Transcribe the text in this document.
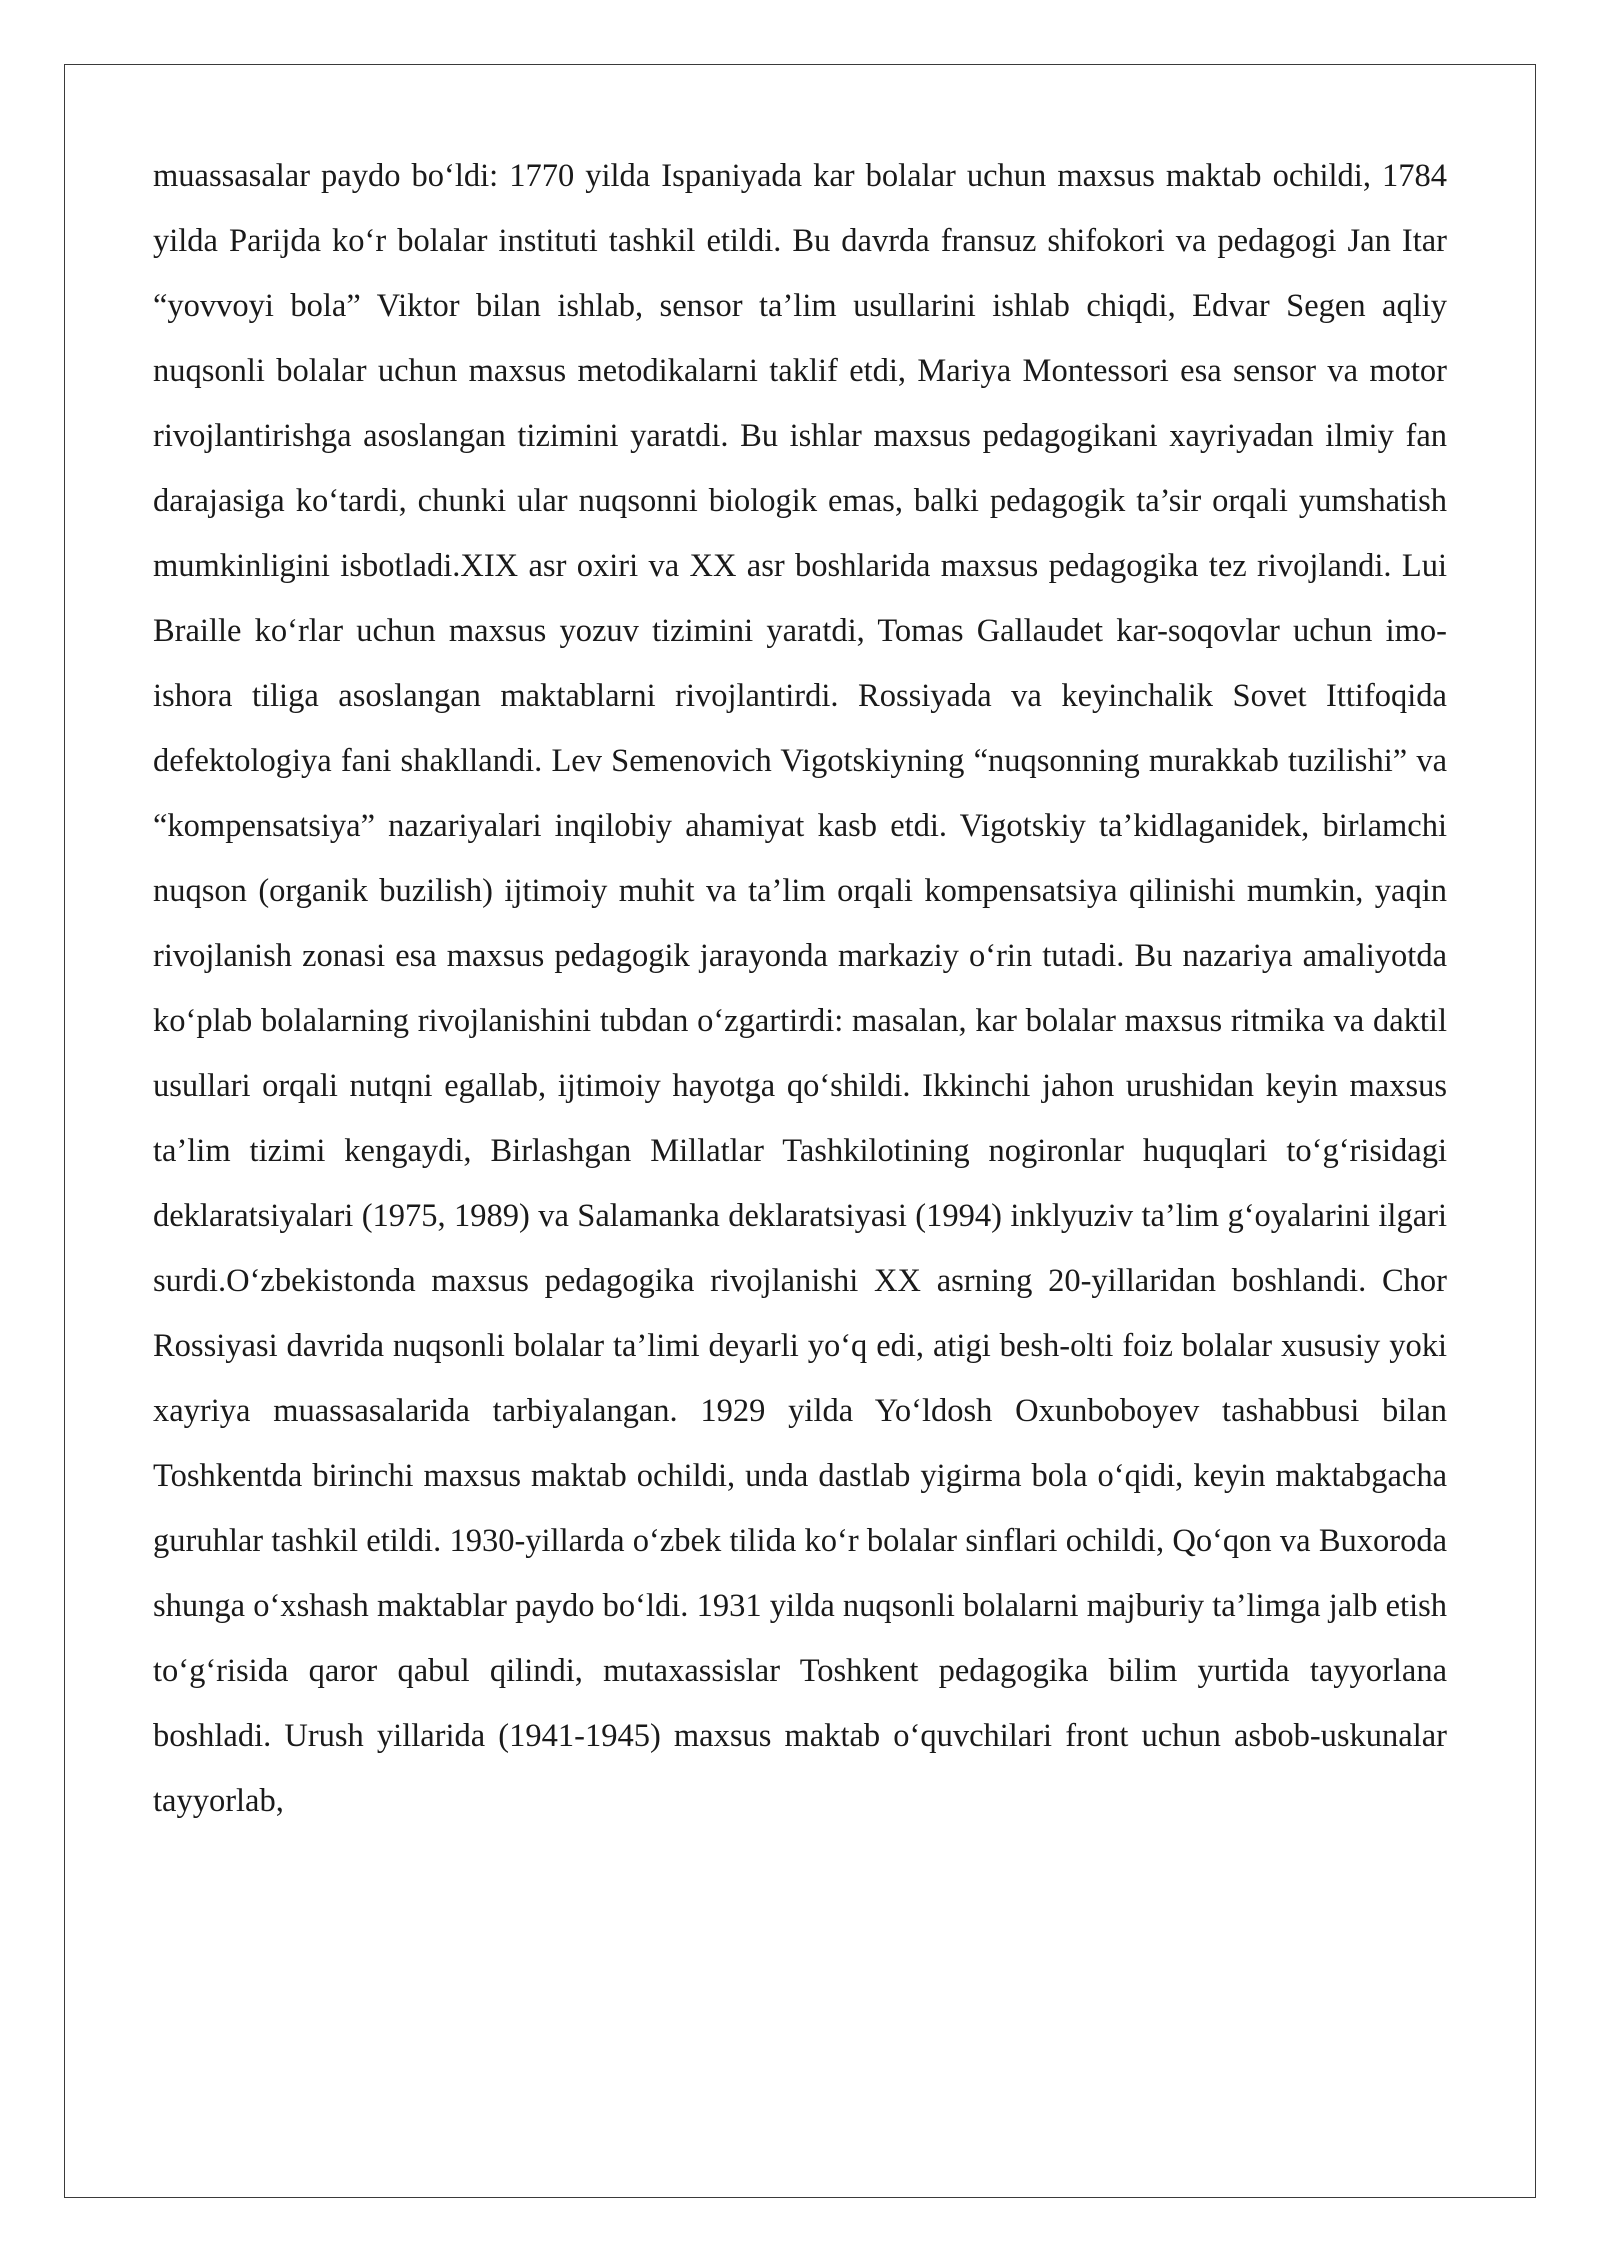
muassasalar paydo bo‘ldi: 1770 yilda Ispaniyada kar bolalar uchun maxsus maktab ochildi, 1784 yilda Parijda ko‘r bolalar instituti tashkil etildi. Bu davrda fransuz shifokori va pedagogi Jan Itar “yovvoyi bola” Viktor bilan ishlab, sensor ta’lim usullarini ishlab chiqdi, Edvar Segen aqliy nuqsonli bolalar uchun maxsus metodikalarni taklif etdi, Mariya Montessori esa sensor va motor rivojlantirishga asoslangan tizimini yaratdi. Bu ishlar maxsus pedagogikani xayriyadan ilmiy fan darajasiga ko‘tardi, chunki ular nuqsonni biologik emas, balki pedagogik ta’sir orqali yumshatish mumkinligini isbotladi.XIX asr oxiri va XX asr boshlarida maxsus pedagogika tez rivojlandi. Lui Braille ko‘rlar uchun maxsus yozuv tizimini yaratdi, Tomas Gallaudet kar-soqovlar uchun imo-ishora tiliga asoslangan maktablarni rivojlantirdi. Rossiyada va keyinchalik Sovet Ittifoqida defektologiya fani shakllandi. Lev Semenovich Vigotskiyning “nuqsonning murakkab tuzilishi” va “kompensatsiya” nazariyalari inqilobiy ahamiyat kasb etdi. Vigotskiy ta’kidlaganidek, birlamchi nuqson (organik buzilish) ijtimoiy muhit va ta’lim orqali kompensatsiya qilinishi mumkin, yaqin rivojlanish zonasi esa maxsus pedagogik jarayonda markaziy o‘rin tutadi. Bu nazariya amaliyotda ko‘plab bolalarning rivojlanishini tubdan o‘zgartirdi: masalan, kar bolalar maxsus ritmika va daktil usullari orqali nutqni egallab, ijtimoiy hayotga qo‘shildi. Ikkinchi jahon urushidan keyin maxsus ta’lim tizimi kengaydi, Birlashgan Millatlar Tashkilotining nogironlar huquqlari to‘g‘risidagi deklaratsiyalari (1975, 1989) va Salamanka deklaratsiyasi (1994) inklyuziv ta’lim g‘oyalarini ilgari surdi.O‘zbekistonda maxsus pedagogika rivojlanishi XX asrning 20-yillaridan boshlandi. Chor Rossiyasi davrida nuqsonli bolalar ta’limi deyarli yo‘q edi, atigi besh-olti foiz bolalar xususiy yoki xayriya muassasalarida tarbiyalangan. 1929 yilda Yo‘ldosh Oxunboboyev tashabbusi bilan Toshkentda birinchi maxsus maktab ochildi, unda dastlab yigirma bola o‘qidi, keyin maktabgacha guruhlar tashkil etildi. 1930-yillarda o‘zbek tilida ko‘r bolalar sinflari ochildi, Qo‘qon va Buxoroda shunga o‘xshash maktablar paydo bo‘ldi. 1931 yilda nuqsonli bolalarni majburiy ta’limga jalb etish to‘g‘risida qaror qabul qilindi, mutaxassislar Toshkent pedagogika bilim yurtida tayyorlana boshladi. Urush yillarida (1941-1945) maxsus maktab o‘quvchilari front uchun asbob-uskunalar tayyorlab,
